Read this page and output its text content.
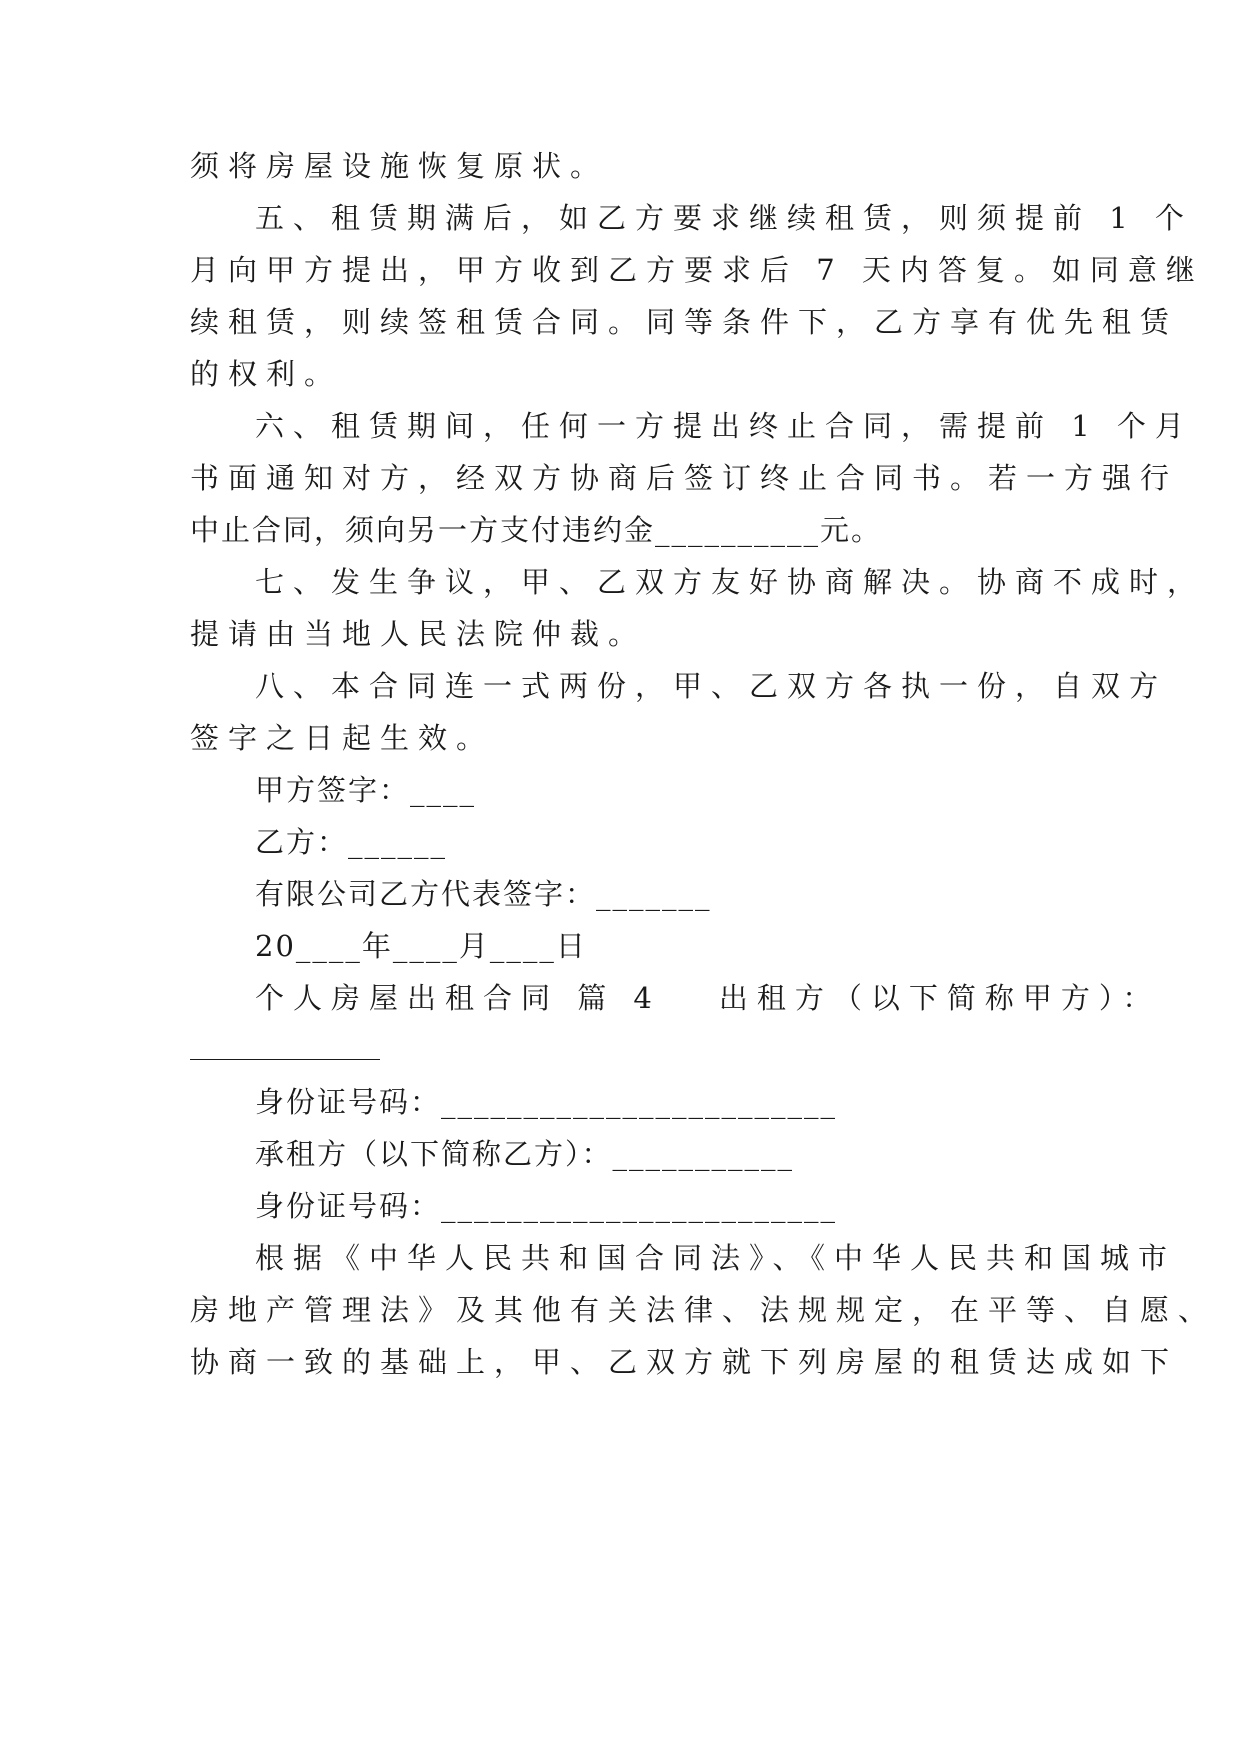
须将房屋设施恢复原状。
五、租赁期满后，如乙方要求继续租赁，则须提前 1 个
月向甲方提出，甲方收到乙方要求后 7 天内答复。如同意继
续租赁，则续签租赁合同。同等条件下，乙方享有优先租赁
的权利。
六、租赁期间，任何一方提出终止合同，需提前 1 个月
书面通知对方，经双方协商后签订终止合同书。若一方强行
中止合同，须向另一方支付违约金__________元。
七、发生争议，甲、乙双方友好协商解决。协商不成时，
提请由当地人民法院仲裁。
八、本合同连一式两份，甲、乙双方各执一份，自双方
签字之日起生效。
甲方签字：____
乙方：______
有限公司乙方代表签字：_______
20____年____月____日
个人房屋出租合同 篇 4 出租方（以下简称甲方）：
身份证号码：________________________
承租方（以下简称乙方）：___________
身份证号码：________________________
根据《中华人民共和国合同法》、《中华人民共和国城市
房地产管理法》及其他有关法律、法规规定，在平等、自愿、
协商一致的基础上，甲、乙双方就下列房屋的租赁达成如下
